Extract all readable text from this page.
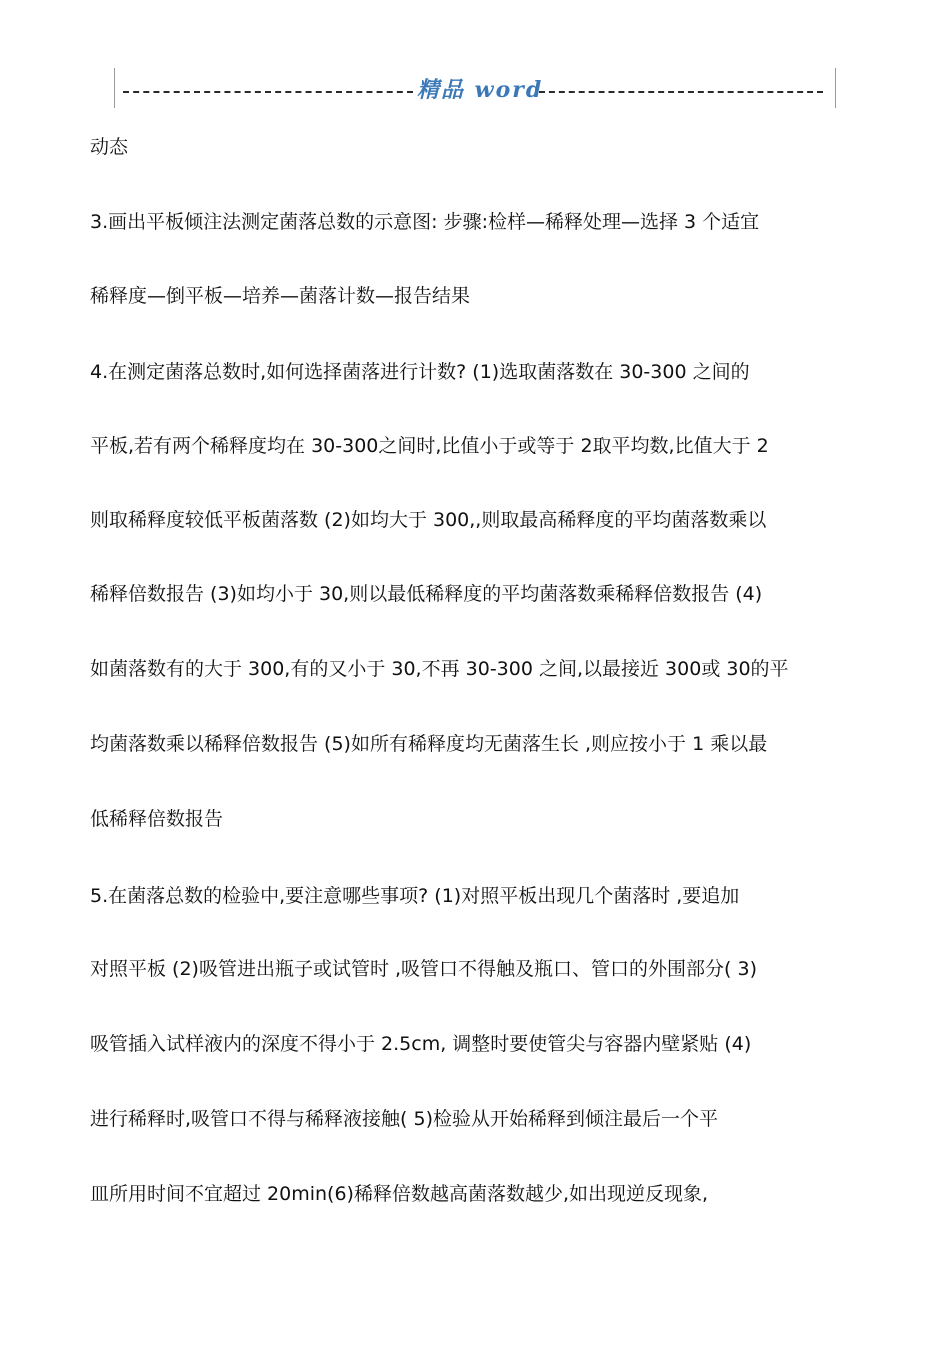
精品 word
动态
3.画出平板倾注法测定菌落总数的示意图: 步骤:检样—稀释处理—选择 3 个适宜
稀释度—倒平板—培养—菌落计数—报告结果
4.在测定菌落总数时,如何选择菌落进行计数? (1)选取菌落数在 30-300 之间的
平板,若有两个稀释度均在 30-300之间时,比值小于或等于 2取平均数,比值大于 2
则取稀释度较低平板菌落数 (2)如均大于 300,,则取最高稀释度的平均菌落数乘以
稀释倍数报告 (3)如均小于 30,则以最低稀释度的平均菌落数乘稀释倍数报告 (4)
如菌落数有的大于 300,有的又小于 30,不再 30-300 之间,以最接近 300或 30的平
均菌落数乘以稀释倍数报告 (5)如所有稀释度均无菌落生长 ,则应按小于 1 乘以最
低稀释倍数报告
5.在菌落总数的检验中,要注意哪些事项? (1)对照平板出现几个菌落时 ,要追加
对照平板 (2)吸管进出瓶子或试管时 ,吸管口不得触及瓶口、管口的外围部分( 3)
吸管插入试样液内的深度不得小于 2.5cm, 调整时要使管尖与容器内壁紧贴 (4)
进行稀释时,吸管口不得与稀释液接触( 5)检验从开始稀释到倾注最后一个平
皿所用时间不宜超过 20min(6)稀释倍数越高菌落数越少,如出现逆反现象,
